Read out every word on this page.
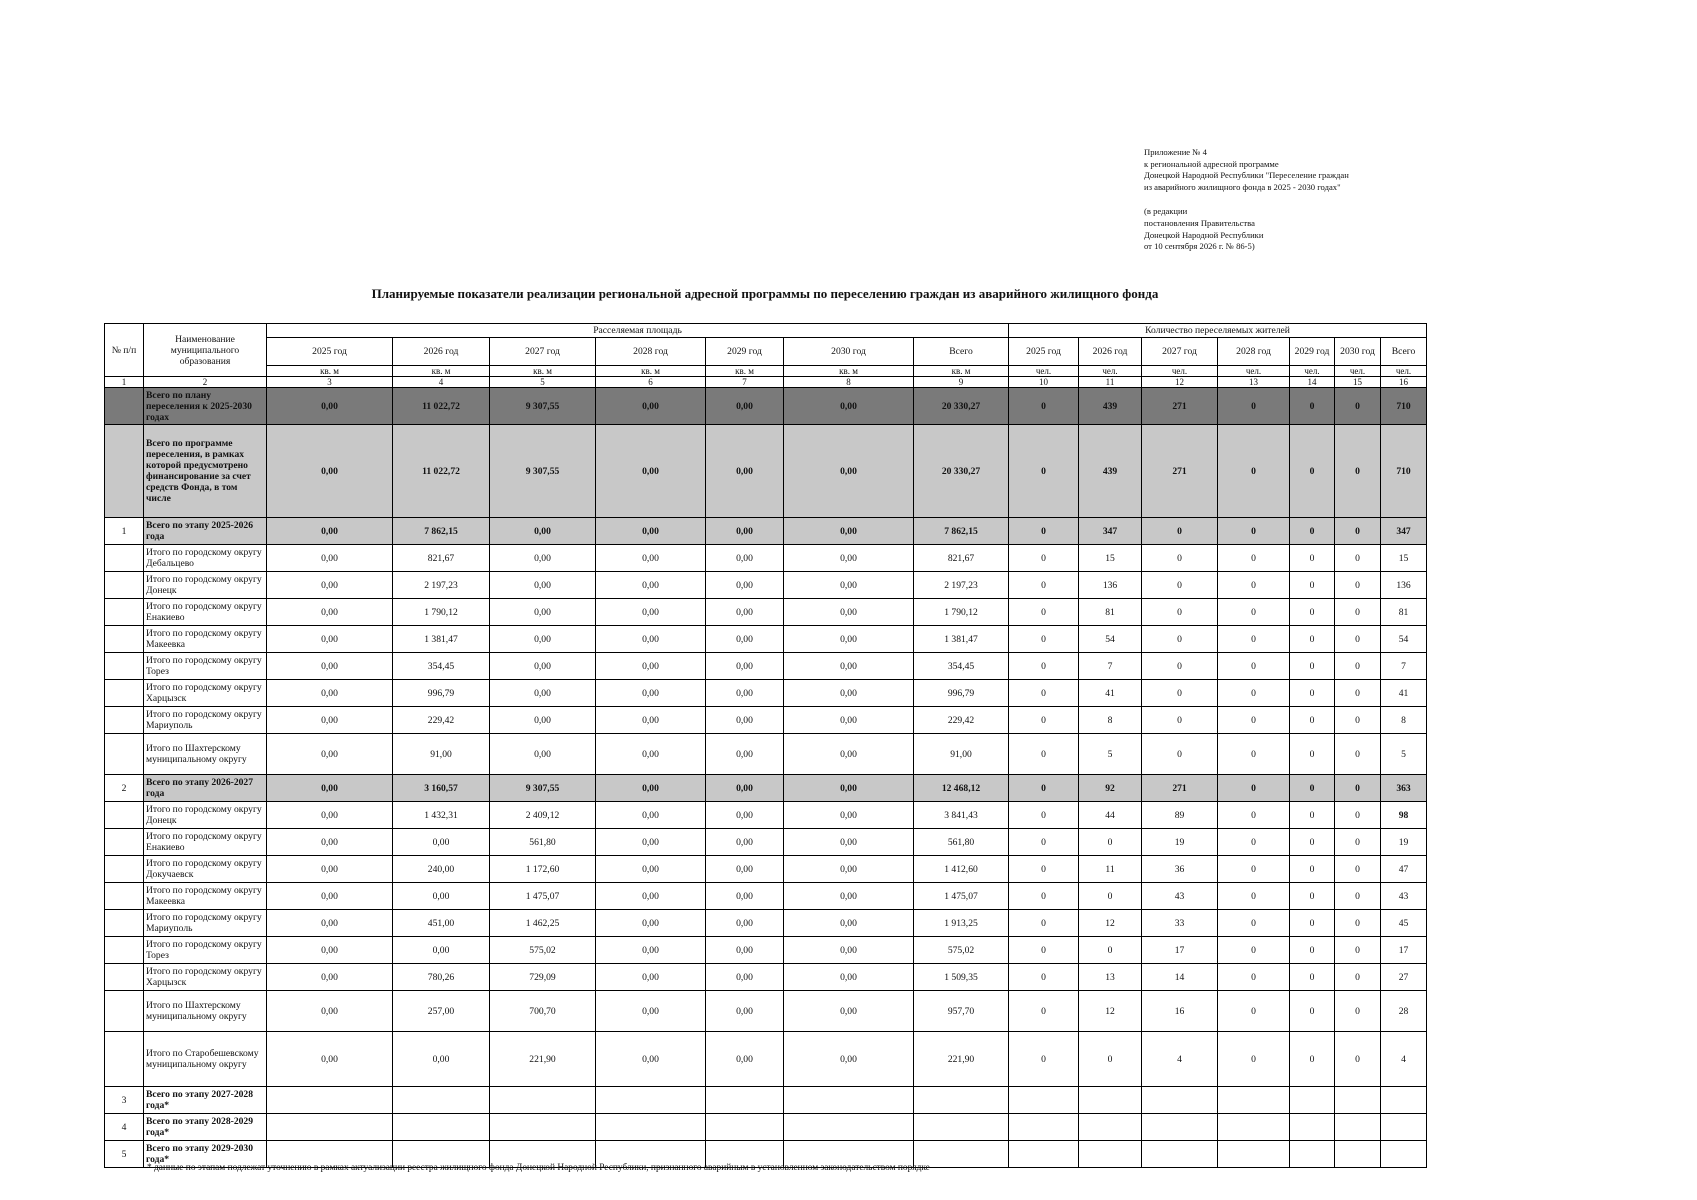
Приложение № 4
к региональной адресной программе
Донецкой Народной Республики "Переселение граждан
из аварийного жилищного фонда в 2025 - 2030 годах"
(в редакции
постановления Правительства
Донецкой Народной Республики
от 10 сентября 2026 г. № 86-5)
Планируемые показатели реализации региональной адресной программы по переселению граждан из аварийного жилищного фонда
№ п/п	Наименование муниципального образования	Расселяемая площадь							Количество переселяемых жителей						
		2025 год	2026 год	2027 год	2028 год	2029 год	2030 год	Всего	2025 год	2026 год	2027 год	2028 год	2029 год	2030 год	Всего
		кв. м	кв. м	кв. м	кв. м	кв. м	кв. м	кв. м	чел.	чел.	чел.	чел.	чел.	чел.	чел.
1	2	3	4	5	6	7	8	9	10	11	12	13	14	15	16
	Всего по плану переселения к 2025-2030 годах	0,00	11 022,72	9 307,55	0,00	0,00	0,00	20 330,27	0	439	271	0	0	0	710
	Всего по программе переселения, в рамках которой предусмотрено финансирование за счет средств Фонда, в том числе	0,00	11 022,72	9 307,55	0,00	0,00	0,00	20 330,27	0	439	271	0	0	0	710
1	Всего по этапу 2025-2026 года	0,00	7 862,15	0,00	0,00	0,00	0,00	7 862,15	0	347	0	0	0	0	347
	Итого по городскому округу Дебальцево	0,00	821,67	0,00	0,00	0,00	0,00	821,67	0	15	0	0	0	0	15
	Итого по городскому округу Донецк	0,00	2 197,23	0,00	0,00	0,00	0,00	2 197,23	0	136	0	0	0	0	136
	Итого по городскому округу Енакиево	0,00	1 790,12	0,00	0,00	0,00	0,00	1 790,12	0	81	0	0	0	0	81
	Итого по городскому округу Макеевка	0,00	1 381,47	0,00	0,00	0,00	0,00	1 381,47	0	54	0	0	0	0	54
	Итого по городскому округу Торез	0,00	354,45	0,00	0,00	0,00	0,00	354,45	0	7	0	0	0	0	7
	Итого по городскому округу Харцызск	0,00	996,79	0,00	0,00	0,00	0,00	996,79	0	41	0	0	0	0	41
	Итого по городскому округу Мариуполь	0,00	229,42	0,00	0,00	0,00	0,00	229,42	0	8	0	0	0	0	8
	Итого по Шахтерскому муниципальному округу	0,00	91,00	0,00	0,00	0,00	0,00	91,00	0	5	0	0	0	0	5
2	Всего по этапу 2026-2027 года	0,00	3 160,57	9 307,55	0,00	0,00	0,00	12 468,12	0	92	271	0	0	0	363
	Итого по городскому округу Донецк	0,00	1 432,31	2 409,12	0,00	0,00	0,00	3 841,43	0	44	89	0	0	0	98
	Итого по городскому округу Енакиево	0,00	0,00	561,80	0,00	0,00	0,00	561,80	0	0	19	0	0	0	19
	Итого по городскому округу Докучаевск	0,00	240,00	1 172,60	0,00	0,00	0,00	1 412,60	0	11	36	0	0	0	47
	Итого по городскому округу Макеевка	0,00	0,00	1 475,07	0,00	0,00	0,00	1 475,07	0	0	43	0	0	0	43
	Итого по городскому округу Мариуполь	0,00	451,00	1 462,25	0,00	0,00	0,00	1 913,25	0	12	33	0	0	0	45
	Итого по городскому округу Торез	0,00	0,00	575,02	0,00	0,00	0,00	575,02	0	0	17	0	0	0	17
	Итого по городскому округу Харцызск	0,00	780,26	729,09	0,00	0,00	0,00	1 509,35	0	13	14	0	0	0	27
	Итого по Шахтерскому муниципальному округу	0,00	257,00	700,70	0,00	0,00	0,00	957,70	0	12	16	0	0	0	28
	Итого по Старобешевскому муниципальному округу	0,00	0,00	221,90	0,00	0,00	0,00	221,90	0	0	4	0	0	0	4
3	Всего по этапу 2027-2028 года*														
4	Всего по этапу 2028-2029 года*														
5	Всего по этапу 2029-2030 года*														
* данные по этапам подлежат уточнению в рамках актуализации реестра жилищного фонда Донецкой Народной Республики, признанного аварийным в установленном законодательством порядке
